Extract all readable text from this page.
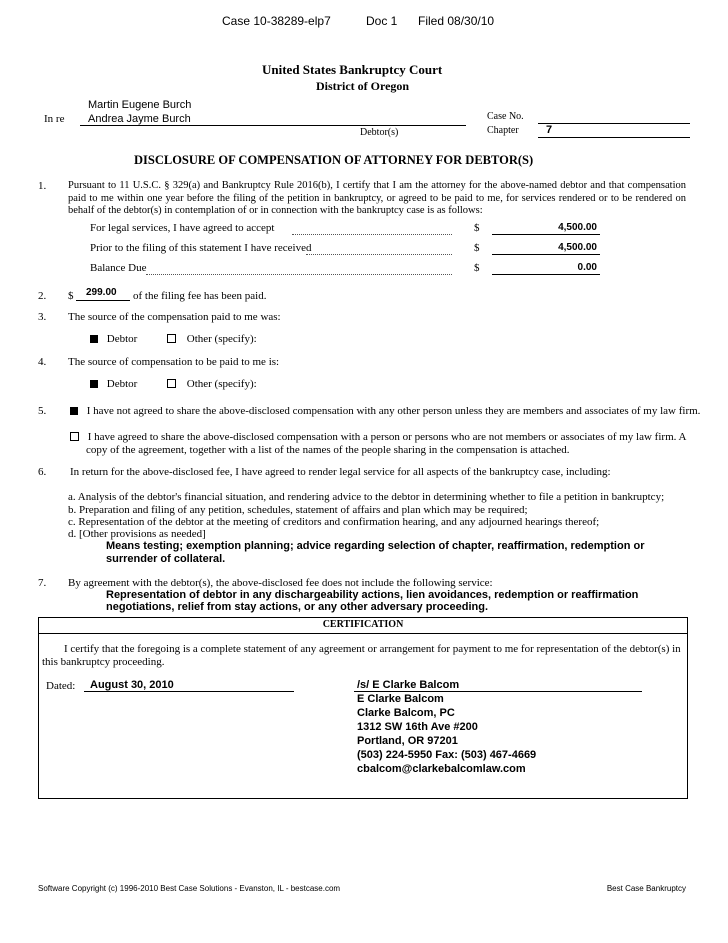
Case 10-38289-elp7	Doc 1 Filed 08/30/10
United States Bankruptcy Court
District of Oregon
In re
Martin Eugene Burch
Andrea Jayme Burch
Debtor(s)
Case No.
Chapter 7
DISCLOSURE OF COMPENSATION OF ATTORNEY FOR DEBTOR(S)
1. Pursuant to 11 U.S.C. § 329(a) and Bankruptcy Rule 2016(b), I certify that I am the attorney for the above-named debtor and that compensation paid to me within one year before the filing of the petition in bankruptcy, or agreed to be paid to me, for services rendered or to be rendered on behalf of the debtor(s) in contemplation of or in connection with the bankruptcy case is as follows:
For legal services, I have agreed to accept	$	4,500.00
Prior to the filing of this statement I have received	$	4,500.00
Balance Due	$	0.00
2. $ 299.00 of the filing fee has been paid.
3. The source of the compensation paid to me was:
Debtor	Other (specify):
4. The source of compensation to be paid to me is:
Debtor	Other (specify):
5.	I have not agreed to share the above-disclosed compensation with any other person unless they are members and associates of my law firm.
I have agreed to share the above-disclosed compensation with a person or persons who are not members or associates of my law firm. A
copy of the agreement, together with a list of the names of the people sharing in the compensation is attached.
6. In return for the above-disclosed fee, I have agreed to render legal service for all aspects of the bankruptcy case, including:
a. Analysis of the debtor's financial situation, and rendering advice to the debtor in determining whether to file a petition in bankruptcy;
b. Preparation and filing of any petition, schedules, statement of affairs and plan which may be required;
c. Representation of the debtor at the meeting of creditors and confirmation hearing, and any adjourned hearings thereof;
d. [Other provisions as needed]
Means testing; exemption planning; advice regarding selection of chapter, reaffirmation, redemption or
surrender of collateral.
7. By agreement with the debtor(s), the above-disclosed fee does not include the following service:
Representation of debtor in any dischargeability actions, lien avoidances, redemption or reaffirmation
negotiations, relief from stay actions, or any other adversary proceeding.
CERTIFICATION
I certify that the foregoing is a complete statement of any agreement or arrangement for payment to me for representation of the debtor(s) in
this bankruptcy proceeding.
Dated: August 30, 2010	/s/ E Clarke Balcom
E Clarke Balcom
Clarke Balcom, PC
1312 SW 16th Ave #200
Portland, OR 97201
(503) 224-5950 Fax: (503) 467-4669
cbalcom@clarkebalcomlaw.com
Software Copyright (c) 1996-2010 Best Case Solutions - Evanston, IL - bestcase.com	Best Case Bankruptcy
